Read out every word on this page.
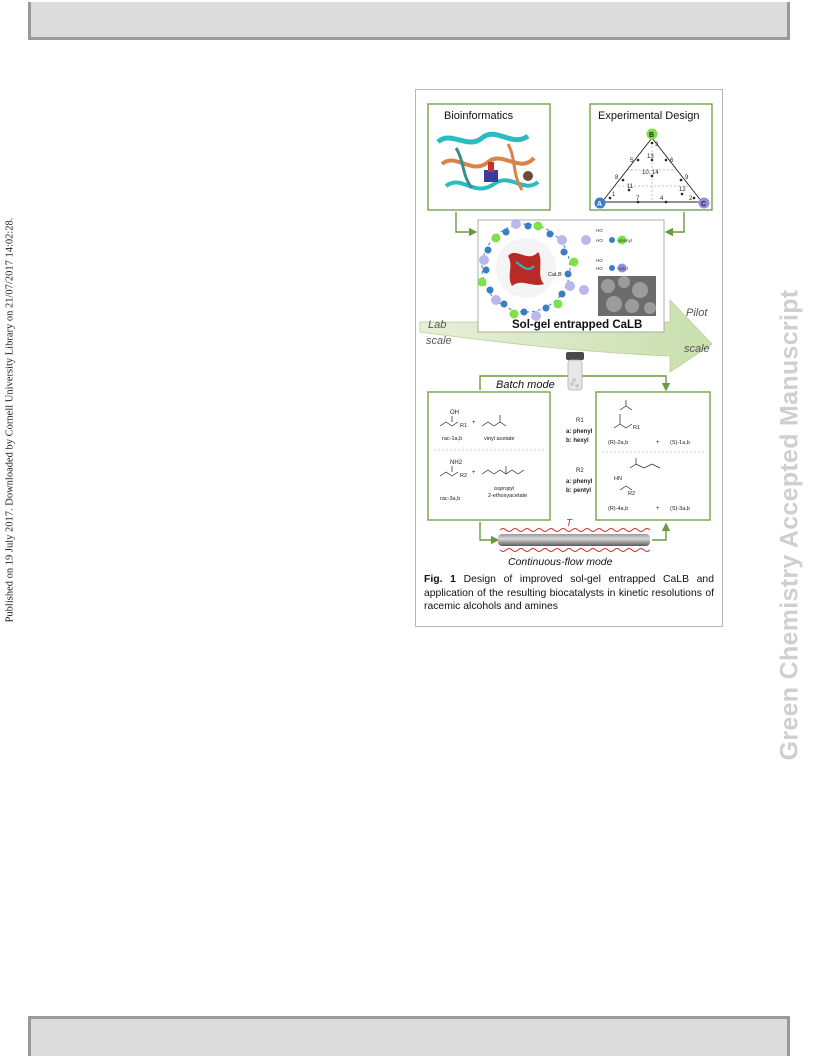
Published on 19 July 2017. Downloaded by Cornell University Library on 21/07/2017 14:02:28.	Green Chemistry Accepted Manuscript
Bioinformatics	Experimental Design
B
A	C
3
5
13
6
8
10, 14
9
11
1
7	4
12
2
Lab
scale
Pilot
scale
CaLB
HO
HO	-phenyl
HO
HO	-octyl
Sol-gel entrapped CaLB
Batch mode
OH
R1 +
rac-1a,b	vinyl acetate
NH2
R2 +
rac-3a,b
isopropyl
2-ethoxyacetate
R1
a: phenyl
b: hexyl
R2
a: phenyl
b: pentyl
R1
(R)-2a,b	+ (S)-1a,b
HN
R2
(R)-4a,b	+ (S)-3a,b
T
Continuous-flow mode
Fig. 1 Design of improved sol-gel entrapped CaLB and application of the resulting biocatalysts in kinetic resolutions of racemic alcohols and amines
